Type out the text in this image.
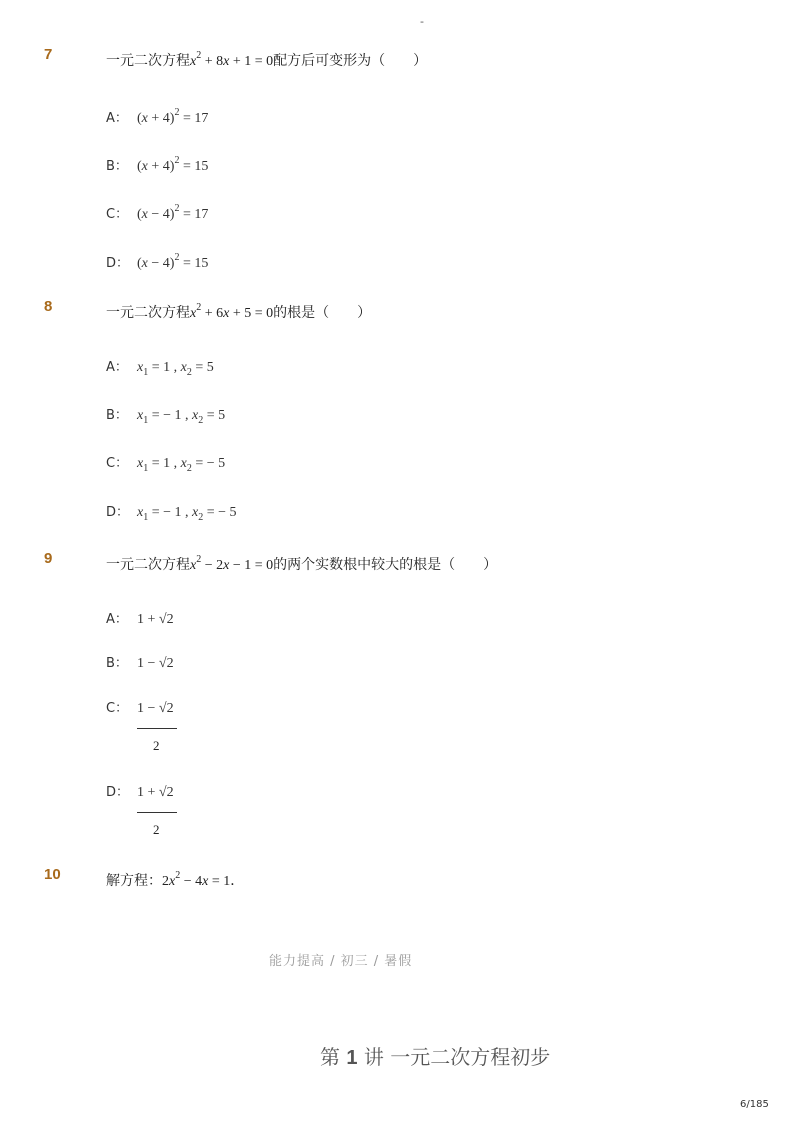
-
7	一元二次方程$x^2 + 8x + 1 = 0$配方后可变形为（　　）
A： $(x + 4)^2 = 17$
B： $(x + 4)^2 = 15$
C： $(x - 4)^2 = 17$
D： $(x - 4)^2 = 15$
8	一元二次方程$x^2 + 6x + 5 = 0$的根是（　　）
A： $x_1 = 1$ , $x_2 = 5$
B： $x_1$ = − 1 , $x_2 = 5$
C： $x_1 = 1$ , $x_2$ = − 5
D： $x_1$ = − 1 , $x_2$ = − 5
9	一元二次方程$x^2 - 2x - 1 = 0$的两个实数根中较大的根是（　　）
A： 1 + √2
B： 1 − √2
C： 1 − √2
2
D： 1 + √2
2
10	解方程：$2x^2 - 4x = 1$．
能力提高 / 初三 / 暑假
第 1 讲 一元二次方程初步
6/185
